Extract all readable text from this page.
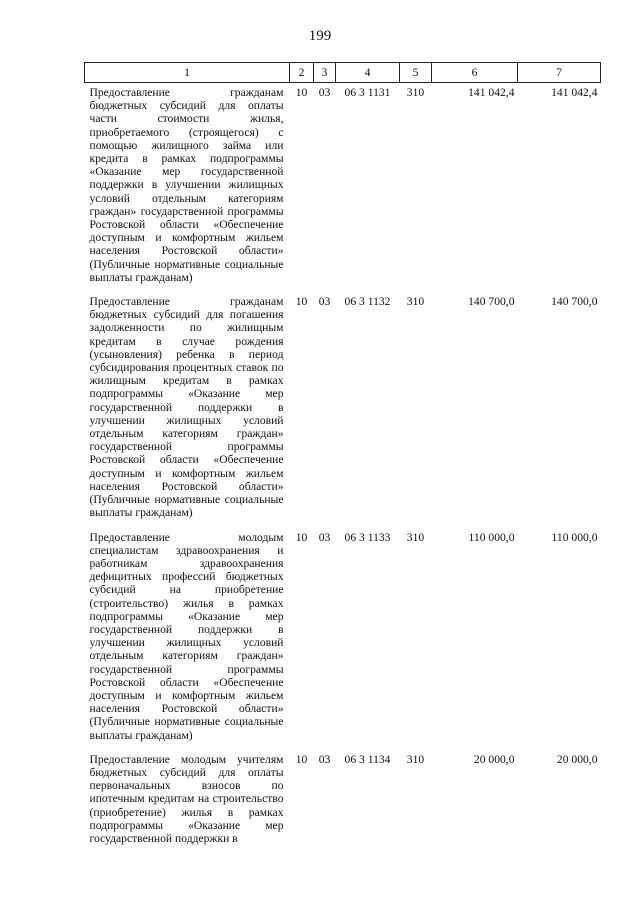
199
1	2	3	4	5	6	7
Предоставление гражданам бюджетных субсидий для оплаты части стоимости жилья, приобретаемого (строящегося) с помощью жилищного займа или кредита в рамках подпрограммы «Оказание мер государственной поддержки в улучшении жилищных условий отдельным категориям граждан» государственной программы Ростовской области «Обеспечение доступным и комфортным жильем населения Ростовской области» (Публичные нормативные социальные выплаты гражданам)	10	03	06 3 1131	310	141 042,4	141 042,4
Предоставление гражданам бюджетных субсидий для погашения задолженности по жилищным кредитам в случае рождения (усыновления) ребенка в период субсидирования процентных ставок по жилищным кредитам в рамках подпрограммы «Оказание мер государственной поддержки в улучшении жилищных условий отдельным категориям граждан» государственной программы Ростовской области «Обеспечение доступным и комфортным жильем населения Ростовской области» (Публичные нормативные социальные выплаты гражданам)	10	03	06 3 1132	310	140 700,0	140 700,0
Предоставление молодым специалистам здравоохранения и работникам здравоохранения дефицитных профессий бюджетных субсидий на приобретение (строительство) жилья в рамках подпрограммы «Оказание мер государственной поддержки в улучшении жилищных условий отдельным категориям граждан» государственной программы Ростовской области «Обеспечение доступным и комфортным жильем населения Ростовской области» (Публичные нормативные социальные выплаты гражданам)	10	03	06 3 1133	310	110 000,0	110 000,0
Предоставление молодым учителям бюджетных субсидий для оплаты первоначальных взносов по ипотечным кредитам на строительство (приобретение) жилья в рамках подпрограммы «Оказание мер государственной поддержки в	10	03	06 3 1134	310	20 000,0	20 000,0
